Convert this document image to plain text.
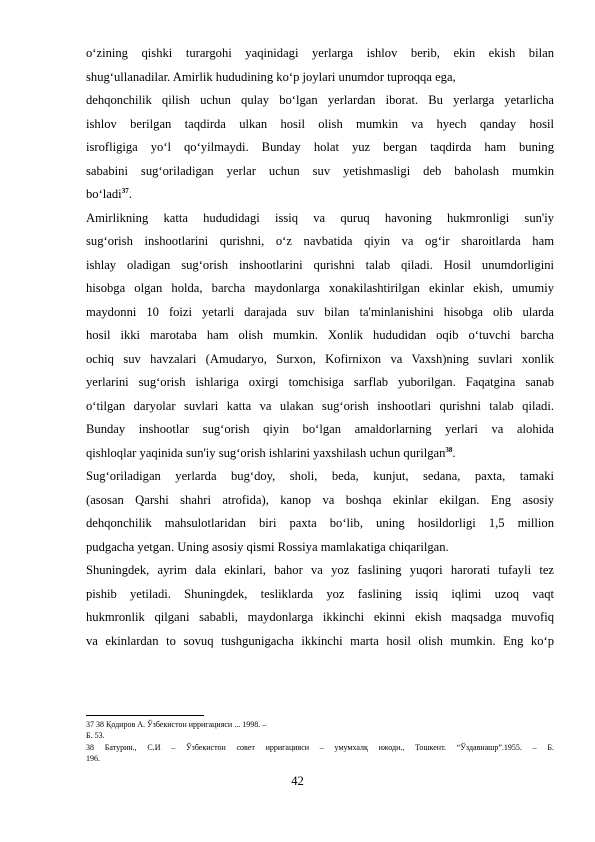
o‘zining qishki turargohi yaqinidagi yerlarga ishlov berib, ekin ekish bilan
shug‘ullanadilar. Amirlik hududining ko‘p joylari unumdor tuproqqa ega,
dehqonchilik qilish uchun qulay bo‘lgan yerlardan iborat. Bu yerlarga yetarlicha
ishlov berilgan taqdirda ulkan hosil olish mumkin va hyech qanday hosil
isrofligiga yo‘l qo‘yilmaydi. Bunday holat yuz bergan taqdirda ham buning
sababini sug‘oriladigan yerlar uchun suv yetishmasligi deb baholash mumkin
bo‘ladi$^{37}$.
Amirlikning katta hududidagi issiq va quruq havoning hukmronligi sun'iy
sug‘orish inshootlarini qurishni, o‘z navbatida qiyin va og‘ir sharoitlarda ham
ishlay oladigan sug‘orish inshootlarini qurishni talab qiladi. Hosil unumdorligini
hisobga olgan holda, barcha maydonlarga xonakilashtirilgan ekinlar ekish, umumiy
maydonni 10 foizi yetarli darajada suv bilan ta'minlanishini hisobga olib ularda
hosil ikki marotaba ham olish mumkin. Xonlik hududidan oqib o‘tuvchi barcha
ochiq suv havzalari (Amudaryo, Surxon, Kofirnixon va Vaxsh)ning suvlari xonlik
yerlarini sug‘orish ishlariga oxirgi tomchisiga sarflab yuborilgan. Faqatgina sanab
o‘tilgan daryolar suvlari katta va ulakan sug‘orish inshootlari qurishni talab qiladi.
Bunday inshootlar sug‘orish qiyin bo‘lgan amaldorlarning yerlari va alohida
qishloqlar yaqinida sun'iy sug‘orish ishlarini yaxshilash uchun qurilgan$^{38}$.
Sug‘oriladigan yerlarda bug‘doy, sholi, beda, kunjut, sedana, paxta, tamaki
(asosan Qarshi shahri atrofida), kanop va boshqa ekinlar ekilgan. Eng asosiy
dehqonchilik mahsulotlaridan biri paxta bo‘lib, uning hosildorligi 1,5 million
pudgacha yetgan. Uning asosiy qismi Rossiya mamlakatiga chiqarilgan.
Shuningdek, ayrim dala ekinlari, bahor va yoz faslining yuqori harorati tufayli tez
pishib yetiladi. Shuningdek, tesliklarda yoz faslining issiq iqlimi uzoq vaqt
hukmronlik qilgani sababli, maydonlarga ikkinchi ekinni ekish maqsadga muvofiq
va ekinlardan to sovuq tushgunigacha ikkinchi marta hosil olish mumkin. Eng ko‘p
37 38 Қодиров А. Ўзбекистон ирригацияси ... 1998. –
Б. 53.
38 Батурин., С.И – Ўзбекистон совет ирригацияси – умумхалқ ижоди., Тошкент. “Ўздавнашр”.1955. – Б.
196.
42
